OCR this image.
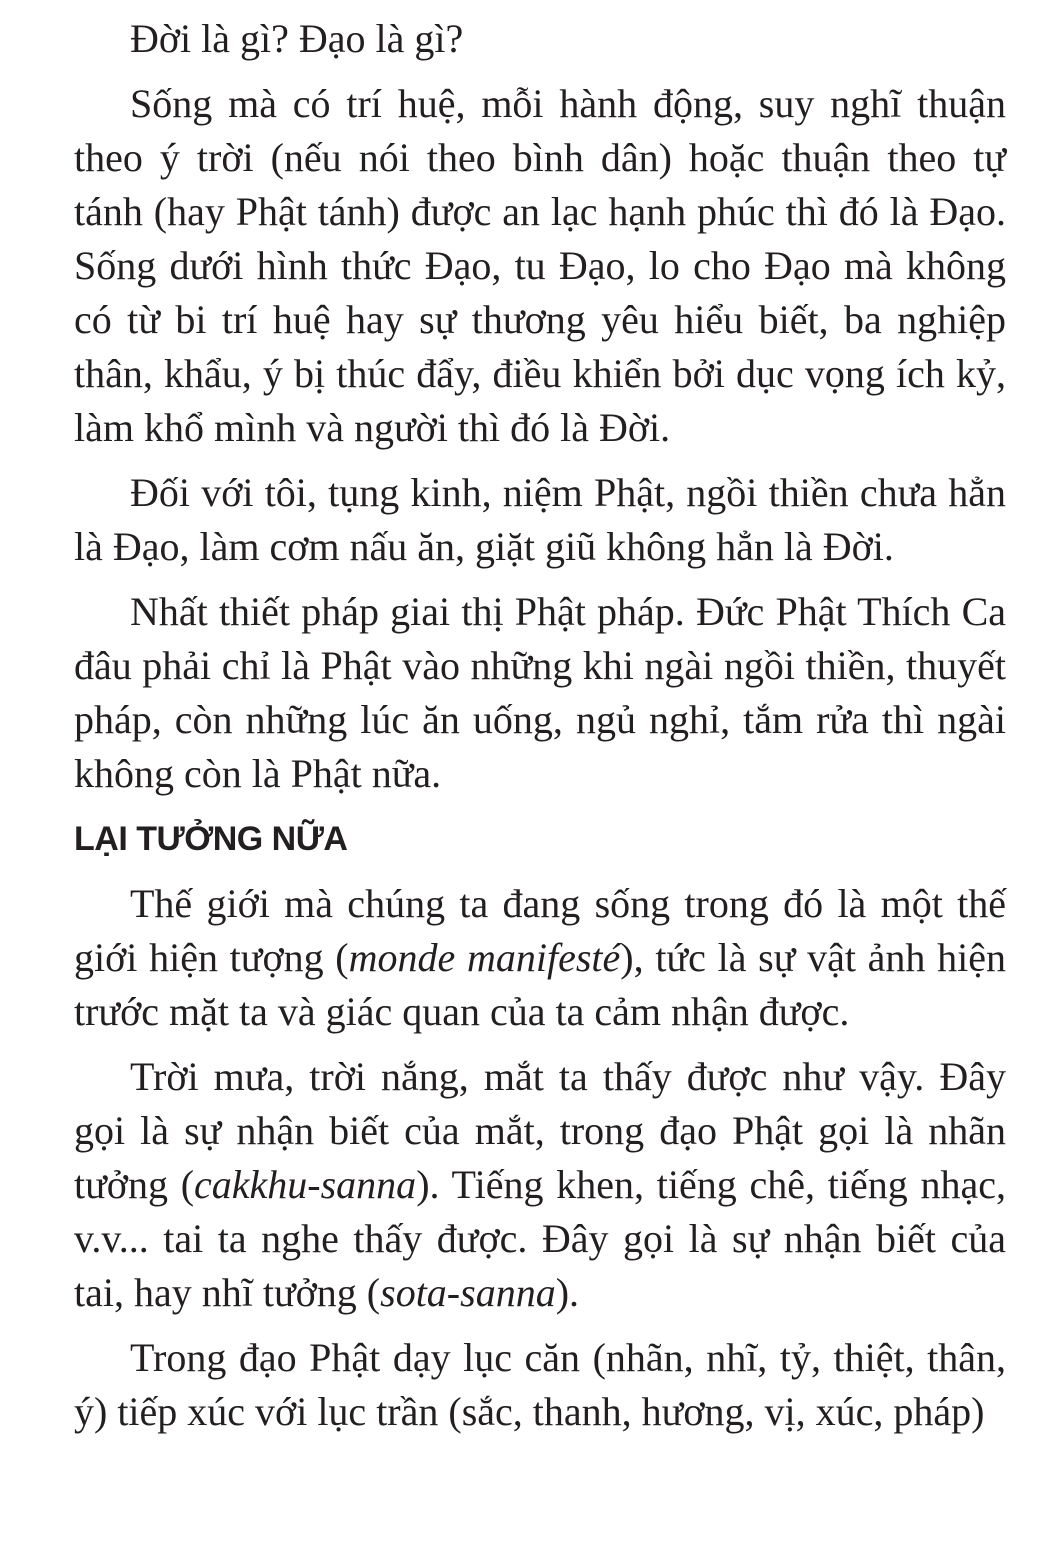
Đời là gì? Đạo là gì?

Sống mà có trí huệ, mỗi hành động, suy nghĩ thuận theo ý trời (nếu nói theo bình dân) hoặc thuận theo tự tánh (hay Phật tánh) được an lạc hạnh phúc thì đó là Đạo. Sống dưới hình thức Đạo, tu Đạo, lo cho Đạo mà không có từ bi trí huệ hay sự thương yêu hiểu biết, ba nghiệp thân, khẩu, ý bị thúc đẩy, điều khiển bởi dục vọng ích kỷ, làm khổ mình và người thì đó là Đời.

Đối với tôi, tụng kinh, niệm Phật, ngồi thiền chưa hẳn là Đạo, làm cơm nấu ăn, giặt giũ không hẳn là Đời.

Nhất thiết pháp giai thị Phật pháp. Đức Phật Thích Ca đâu phải chỉ là Phật vào những khi ngài ngồi thiền, thuyết pháp, còn những lúc ăn uống, ngủ nghỉ, tắm rửa thì ngài không còn là Phật nữa.

LẠI TƯỞNG NỮA

Thế giới mà chúng ta đang sống trong đó là một thế giới hiện tượng (monde manifesté), tức là sự vật ảnh hiện trước mặt ta và giác quan của ta cảm nhận được.

Trời mưa, trời nắng, mắt ta thấy được như vậy. Đây gọi là sự nhận biết của mắt, trong đạo Phật gọi là nhãn tưởng (cakkhu-sanna). Tiếng khen, tiếng chê, tiếng nhạc, v.v... tai ta nghe thấy được. Đây gọi là sự nhận biết của tai, hay nhĩ tưởng (sota-sanna).

Trong đạo Phật dạy lục căn (nhãn, nhĩ, tỷ, thiệt, thân, ý) tiếp xúc với lục trần (sắc, thanh, hương, vị, xúc, pháp)
